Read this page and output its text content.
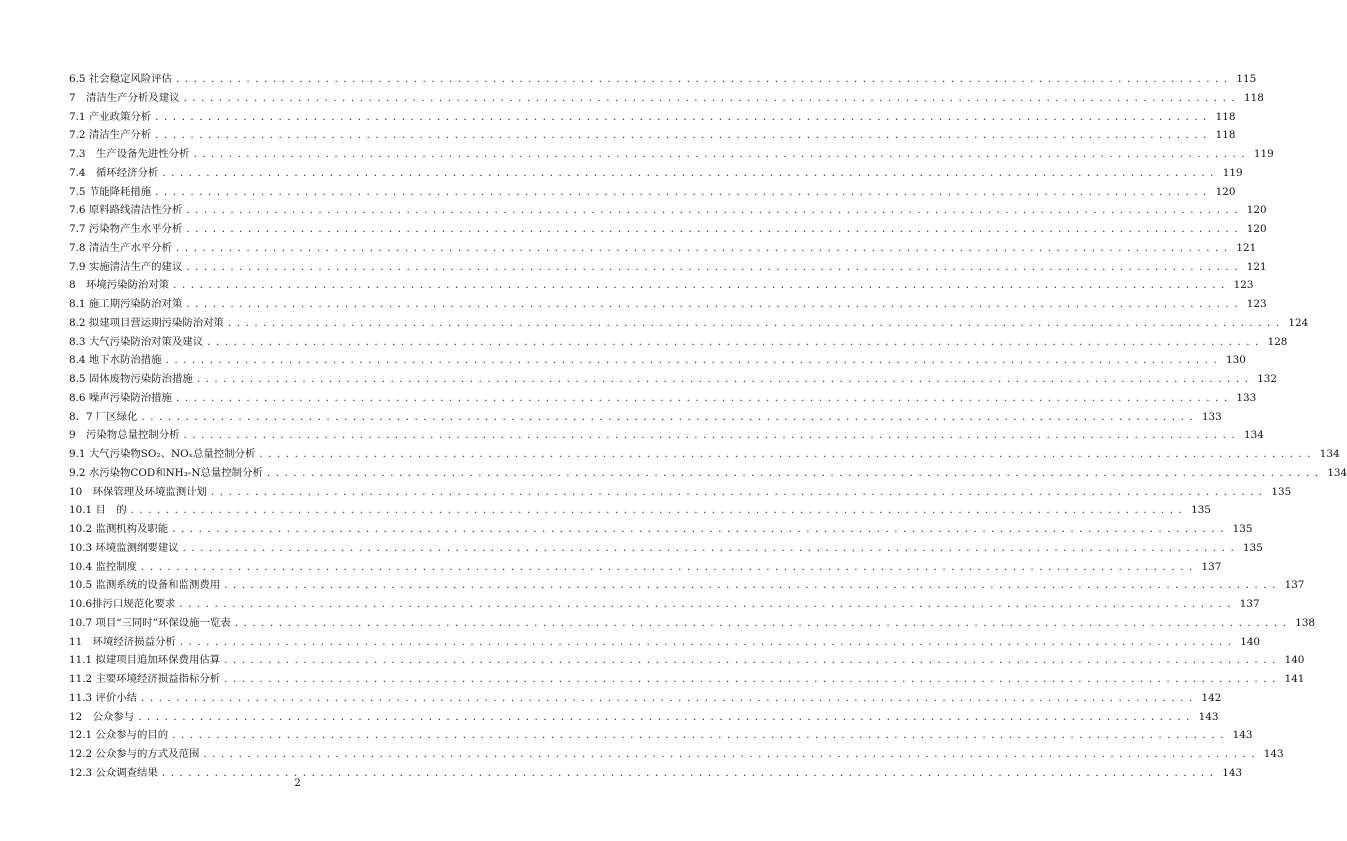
6.5 社会稳定风险评估 . . . . . . . . . . . . . . . . . . . . . . . . . . . . . . . . . . . . . . . . . . . . . . . . . . . . . . . . . . . . . . . . . . . . . . . . . . . . . . . . . . . . . . . . . . . . . . . . . . . . . . . . . . . . . . . . . . . . . . . . 115
7　清洁生产分析及建议 . . . . . . . . . . . . . . . . . . . . . . . . . . . . . . . . . . . . . . . . . . . . . . . . . . . . . . . . . . . . . . . . . . . . . . . . . . . . . . . . . . . . . . . . . . . . . . . . . . . . . . . . . . . . . . . . . . . . . . . . 118
7.1 产业政策分析 . . . . . . . . . . . . . . . . . . . . . . . . . . . . . . . . . . . . . . . . . . . . . . . . . . . . . . . . . . . . . . . . . . . . . . . . . . . . . . . . . . . . . . . . . . . . . . . . . . . . . . . . . . . . . . . . . . . . . . . . 118
7.2 清洁生产分析 . . . . . . . . . . . . . . . . . . . . . . . . . . . . . . . . . . . . . . . . . . . . . . . . . . . . . . . . . . . . . . . . . . . . . . . . . . . . . . . . . . . . . . . . . . . . . . . . . . . . . . . . . . . . . . . . . . . . . . . . 118
7.3　生产设备先进性分析 . . . . . . . . . . . . . . . . . . . . . . . . . . . . . . . . . . . . . . . . . . . . . . . . . . . . . . . . . . . . . . . . . . . . . . . . . . . . . . . . . . . . . . . . . . . . . . . . . . . . . . . . . . . . . . . . . . . . . . . . 119
7.4　循环经济分析 . . . . . . . . . . . . . . . . . . . . . . . . . . . . . . . . . . . . . . . . . . . . . . . . . . . . . . . . . . . . . . . . . . . . . . . . . . . . . . . . . . . . . . . . . . . . . . . . . . . . . . . . . . . . . . . . . . . . . . . . 119
7.5 节能降耗措施 . . . . . . . . . . . . . . . . . . . . . . . . . . . . . . . . . . . . . . . . . . . . . . . . . . . . . . . . . . . . . . . . . . . . . . . . . . . . . . . . . . . . . . . . . . . . . . . . . . . . . . . . . . . . . . . . . . . . . . . . 120
7.6 原料路线清洁性分析 . . . . . . . . . . . . . . . . . . . . . . . . . . . . . . . . . . . . . . . . . . . . . . . . . . . . . . . . . . . . . . . . . . . . . . . . . . . . . . . . . . . . . . . . . . . . . . . . . . . . . . . . . . . . . . . . . . . . . . . . 120
7.7 污染物产生水平分析 . . . . . . . . . . . . . . . . . . . . . . . . . . . . . . . . . . . . . . . . . . . . . . . . . . . . . . . . . . . . . . . . . . . . . . . . . . . . . . . . . . . . . . . . . . . . . . . . . . . . . . . . . . . . . . . . . . . . . . . . 120
7.8 清洁生产水平分析 . . . . . . . . . . . . . . . . . . . . . . . . . . . . . . . . . . . . . . . . . . . . . . . . . . . . . . . . . . . . . . . . . . . . . . . . . . . . . . . . . . . . . . . . . . . . . . . . . . . . . . . . . . . . . . . . . . . . . . . . 121
7.9 实施清洁生产的建议 . . . . . . . . . . . . . . . . . . . . . . . . . . . . . . . . . . . . . . . . . . . . . . . . . . . . . . . . . . . . . . . . . . . . . . . . . . . . . . . . . . . . . . . . . . . . . . . . . . . . . . . . . . . . . . . . . . . . . . . . 121
8　环境污染防治对策 . . . . . . . . . . . . . . . . . . . . . . . . . . . . . . . . . . . . . . . . . . . . . . . . . . . . . . . . . . . . . . . . . . . . . . . . . . . . . . . . . . . . . . . . . . . . . . . . . . . . . . . . . . . . . . . . . . . . . . . . 123
8.1 施工期污染防治对策 . . . . . . . . . . . . . . . . . . . . . . . . . . . . . . . . . . . . . . . . . . . . . . . . . . . . . . . . . . . . . . . . . . . . . . . . . . . . . . . . . . . . . . . . . . . . . . . . . . . . . . . . . . . . . . . . . . . . . . . . 123
8.2 拟建项目营运期污染防治对策 . . . . . . . . . . . . . . . . . . . . . . . . . . . . . . . . . . . . . . . . . . . . . . . . . . . . . . . . . . . . . . . . . . . . . . . . . . . . . . . . . . . . . . . . . . . . . . . . . . . . . . . . . . . . . . . . . . . . . . . . 124
8.3 大气污染防治对策及建议 . . . . . . . . . . . . . . . . . . . . . . . . . . . . . . . . . . . . . . . . . . . . . . . . . . . . . . . . . . . . . . . . . . . . . . . . . . . . . . . . . . . . . . . . . . . . . . . . . . . . . . . . . . . . . . . . . . . . . . . . 128
8.4 地下水防治措施 . . . . . . . . . . . . . . . . . . . . . . . . . . . . . . . . . . . . . . . . . . . . . . . . . . . . . . . . . . . . . . . . . . . . . . . . . . . . . . . . . . . . . . . . . . . . . . . . . . . . . . . . . . . . . . . . . . . . . . . . 130
8.5 固体废物污染防治措施 . . . . . . . . . . . . . . . . . . . . . . . . . . . . . . . . . . . . . . . . . . . . . . . . . . . . . . . . . . . . . . . . . . . . . . . . . . . . . . . . . . . . . . . . . . . . . . . . . . . . . . . . . . . . . . . . . . . . . . . . 132
8.6 噪声污染防治措施 . . . . . . . . . . . . . . . . . . . . . . . . . . . . . . . . . . . . . . . . . . . . . . . . . . . . . . . . . . . . . . . . . . . . . . . . . . . . . . . . . . . . . . . . . . . . . . . . . . . . . . . . . . . . . . . . . . . . . . . . 133
8．7 厂区绿化 . . . . . . . . . . . . . . . . . . . . . . . . . . . . . . . . . . . . . . . . . . . . . . . . . . . . . . . . . . . . . . . . . . . . . . . . . . . . . . . . . . . . . . . . . . . . . . . . . . . . . . . . . . . . . . . . . . . . . . . . 133
9　污染物总量控制分析 . . . . . . . . . . . . . . . . . . . . . . . . . . . . . . . . . . . . . . . . . . . . . . . . . . . . . . . . . . . . . . . . . . . . . . . . . . . . . . . . . . . . . . . . . . . . . . . . . . . . . . . . . . . . . . . . . . . . . . . . 134
9.1 大气污染物SO₂、NOₓ总量控制分析 . . . . . . . . . . . . . . . . . . . . . . . . . . . . . . . . . . . . . . . . . . . . . . . . . . . . . . . . . . . . . . . . . . . . . . . . . . . . . . . . . . . . . . . . . . . . . . . . . . . . . . . . . . . . . . . . . . . . . . . . 134
9.2 水污染物COD和NH₃-N总量控制分析 . . . . . . . . . . . . . . . . . . . . . . . . . . . . . . . . . . . . . . . . . . . . . . . . . . . . . . . . . . . . . . . . . . . . . . . . . . . . . . . . . . . . . . . . . . . . . . . . . . . . . . . . . . . . . . . . . . . . . . . . 134
10　环保管理及环境监测计划 . . . . . . . . . . . . . . . . . . . . . . . . . . . . . . . . . . . . . . . . . . . . . . . . . . . . . . . . . . . . . . . . . . . . . . . . . . . . . . . . . . . . . . . . . . . . . . . . . . . . . . . . . . . . . . . . . . . . . . . . 135
10.1 目　的 . . . . . . . . . . . . . . . . . . . . . . . . . . . . . . . . . . . . . . . . . . . . . . . . . . . . . . . . . . . . . . . . . . . . . . . . . . . . . . . . . . . . . . . . . . . . . . . . . . . . . . . . . . . . . . . . . . . . . . . . 135
10.2 监测机构及职能 . . . . . . . . . . . . . . . . . . . . . . . . . . . . . . . . . . . . . . . . . . . . . . . . . . . . . . . . . . . . . . . . . . . . . . . . . . . . . . . . . . . . . . . . . . . . . . . . . . . . . . . . . . . . . . . . . . . . . . . . 135
10.3 环境监测纲要建议 . . . . . . . . . . . . . . . . . . . . . . . . . . . . . . . . . . . . . . . . . . . . . . . . . . . . . . . . . . . . . . . . . . . . . . . . . . . . . . . . . . . . . . . . . . . . . . . . . . . . . . . . . . . . . . . . . . . . . . . . 135
10.4 监控制度 . . . . . . . . . . . . . . . . . . . . . . . . . . . . . . . . . . . . . . . . . . . . . . . . . . . . . . . . . . . . . . . . . . . . . . . . . . . . . . . . . . . . . . . . . . . . . . . . . . . . . . . . . . . . . . . . . . . . . . . . 137
10.5 监测系统的设备和监测费用 . . . . . . . . . . . . . . . . . . . . . . . . . . . . . . . . . . . . . . . . . . . . . . . . . . . . . . . . . . . . . . . . . . . . . . . . . . . . . . . . . . . . . . . . . . . . . . . . . . . . . . . . . . . . . . . . . . . . . . . . 137
10.6排污口规范化要求 . . . . . . . . . . . . . . . . . . . . . . . . . . . . . . . . . . . . . . . . . . . . . . . . . . . . . . . . . . . . . . . . . . . . . . . . . . . . . . . . . . . . . . . . . . . . . . . . . . . . . . . . . . . . . . . . . . . . . . . . 137
10.7 项目“三同时”环保设施一览表 . . . . . . . . . . . . . . . . . . . . . . . . . . . . . . . . . . . . . . . . . . . . . . . . . . . . . . . . . . . . . . . . . . . . . . . . . . . . . . . . . . . . . . . . . . . . . . . . . . . . . . . . . . . . . . . . . . . . . . . . 138
11　环境经济损益分析 . . . . . . . . . . . . . . . . . . . . . . . . . . . . . . . . . . . . . . . . . . . . . . . . . . . . . . . . . . . . . . . . . . . . . . . . . . . . . . . . . . . . . . . . . . . . . . . . . . . . . . . . . . . . . . . . . . . . . . . . 140
11.1 拟建项目追加环保费用估算 . . . . . . . . . . . . . . . . . . . . . . . . . . . . . . . . . . . . . . . . . . . . . . . . . . . . . . . . . . . . . . . . . . . . . . . . . . . . . . . . . . . . . . . . . . . . . . . . . . . . . . . . . . . . . . . . . . . . . . . . 140
11.2 主要环境经济损益指标分析 . . . . . . . . . . . . . . . . . . . . . . . . . . . . . . . . . . . . . . . . . . . . . . . . . . . . . . . . . . . . . . . . . . . . . . . . . . . . . . . . . . . . . . . . . . . . . . . . . . . . . . . . . . . . . . . . . . . . . . . . 141
11.3 评价小结 . . . . . . . . . . . . . . . . . . . . . . . . . . . . . . . . . . . . . . . . . . . . . . . . . . . . . . . . . . . . . . . . . . . . . . . . . . . . . . . . . . . . . . . . . . . . . . . . . . . . . . . . . . . . . . . . . . . . . . . . 142
12　公众参与 . . . . . . . . . . . . . . . . . . . . . . . . . . . . . . . . . . . . . . . . . . . . . . . . . . . . . . . . . . . . . . . . . . . . . . . . . . . . . . . . . . . . . . . . . . . . . . . . . . . . . . . . . . . . . . . . . . . . . . . . 143
12.1 公众参与的目的 . . . . . . . . . . . . . . . . . . . . . . . . . . . . . . . . . . . . . . . . . . . . . . . . . . . . . . . . . . . . . . . . . . . . . . . . . . . . . . . . . . . . . . . . . . . . . . . . . . . . . . . . . . . . . . . . . . . . . . . . 143
12.2 公众参与的方式及范围 . . . . . . . . . . . . . . . . . . . . . . . . . . . . . . . . . . . . . . . . . . . . . . . . . . . . . . . . . . . . . . . . . . . . . . . . . . . . . . . . . . . . . . . . . . . . . . . . . . . . . . . . . . . . . . . . . . . . . . . . 143
12.3 公众调查结果 . . . . . . . . . . . . . . . . . . . . . . . . . . . . . . . . . . . . . . . . . . . . . . . . . . . . . . . . . . . . . . . . . . . . . . . . . . . . . . . . . . . . . . . . . . . . . . . . . . . . . . . . . . . . . . . . . . . . . . . . 143
2
